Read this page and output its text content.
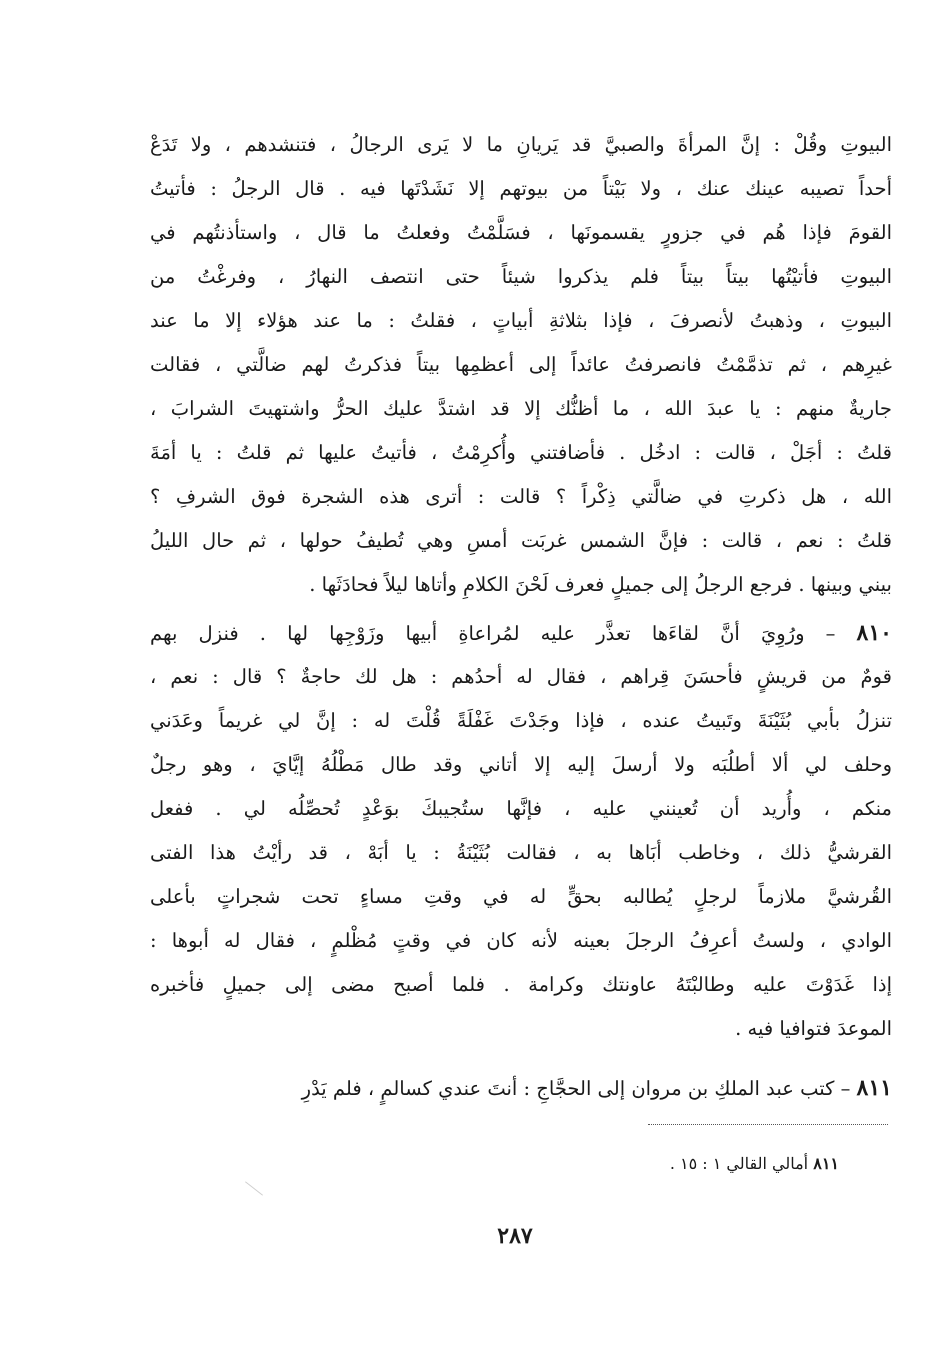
البيوتِ وقُلْ : إنَّ المرأةَ والصبيَّ قد يَريانِ ما لا يَرى الرجالُ ، فتنشدهم ، ولا تَدَعْ
أحداً تصيبه عينك عنك ، ولا بَيْتاً من بيوتهم إلا نَشَدْتَها فيه . قال الرجلُ : فأتيتُ
القومَ فإذا هُم في جزورٍ يقسمونَها ، فسَلَّمْتُ وفعلتُ ما قال ، واستأذنتُهم في
البيوتِ فأتيْتُها بيتاً بيتاً فلم يذكروا شيئاً حتى انتصف النهارُ ، وفرغْتُ من
البيوتِ ، وذهبتُ لأنصرفَ ، فإذا بثلاثةِ أبياتٍ ، فقلتُ : ما عند هؤلاء إلا ما عند
غيرِهم ، ثم تذمَّمْتُ فانصرفتُ عائداً إلى أعظمِها بيتاً فذكرتُ لهم ضالَّتي ، فقالت
جاريةٌ منهم : يا عبدَ الله ، ما أظنُّك إلا قد اشتدَّ عليك الحرُّ واشتهيتَ الشرابَ ،
قلتُ : أجَلْ ، قالت : ادخُل . فأضافتني وأُكرِمْتُ ، فأتيتُ عليها ثم قلتُ : يا أمَةَ
الله ، هل ذكرتِ في ضالَّتي ذِكْراً ؟ قالت : أترى هذه الشجرة فوق الشرفِ ؟
قلتُ : نعم ، قالت : فإنَّ الشمس غربَت أمسِ وهي تُطيفُ حولها ، ثم حال الليلُ
بيني وبينها . فرجع الرجلُ إلى جميلٍ فعرف لَحْنَ الكلامِ وأتاها ليلاً فحادَثَها .
٨١٠ – ورُوِيَ أنَّ لقاءَها تعذَّر عليه لمُراعاةِ أبيها وزَوْجِها لها . فنزل بهم
قومٌ من قريشٍ فأحسَنَ قِراهم ، فقال له أحدُهم : هل لك حاجةٌ ؟ قال : نعم ،
تنزلُ بأبي بُثَيْنَةَ وتَبيتُ عنده ، فإذا وجَدْتَ غَفْلَةً قُلْتَ له : إنَّ لي غريماً وعَدَني
وحلف لي ألا أطلُبَه ولا أرسلَ إليه إلا أتاني وقد طال مَطْلُهُ إيَّايَ ، وهو رجلٌ
منكم ، وأُريد أن تُعينني عليه ، فإنَّها ستُجيبكَ بوَعْدٍ تُحصِّلُه لي . ففعل
القرشيُّ ذلك ، وخاطب أبَاها به ، فقالت بُثَيْنَةُ : يا أبَهْ ، قد رأيْتُ هذا الفتى
القُرشيَّ ملازماً لرجلٍ يُطالبه بحقٍّ له في وقتِ مساءٍ تحت شجراتٍ بأعلى
الوادي ، ولستُ أعرِفُ الرجلَ بعينه لأنه كان في وقتٍ مُظْلمٍ ، فقال له أبوها :
إذا غَدَوْتَ عليه وطالبْتَهُ عاونتك وكرامة . فلما أصبح مضى إلى جميلٍ فأخبره
الموعدَ فتوافيا فيه .
٨١١ – كتب عبد الملكِ بن مروان إلى الحجَّاجِ : أنتَ عندي كسالمٍ ، فلم يَدْرِ
٨١١ أمالي القالي ١ : ١٥ .
٢٨٧
